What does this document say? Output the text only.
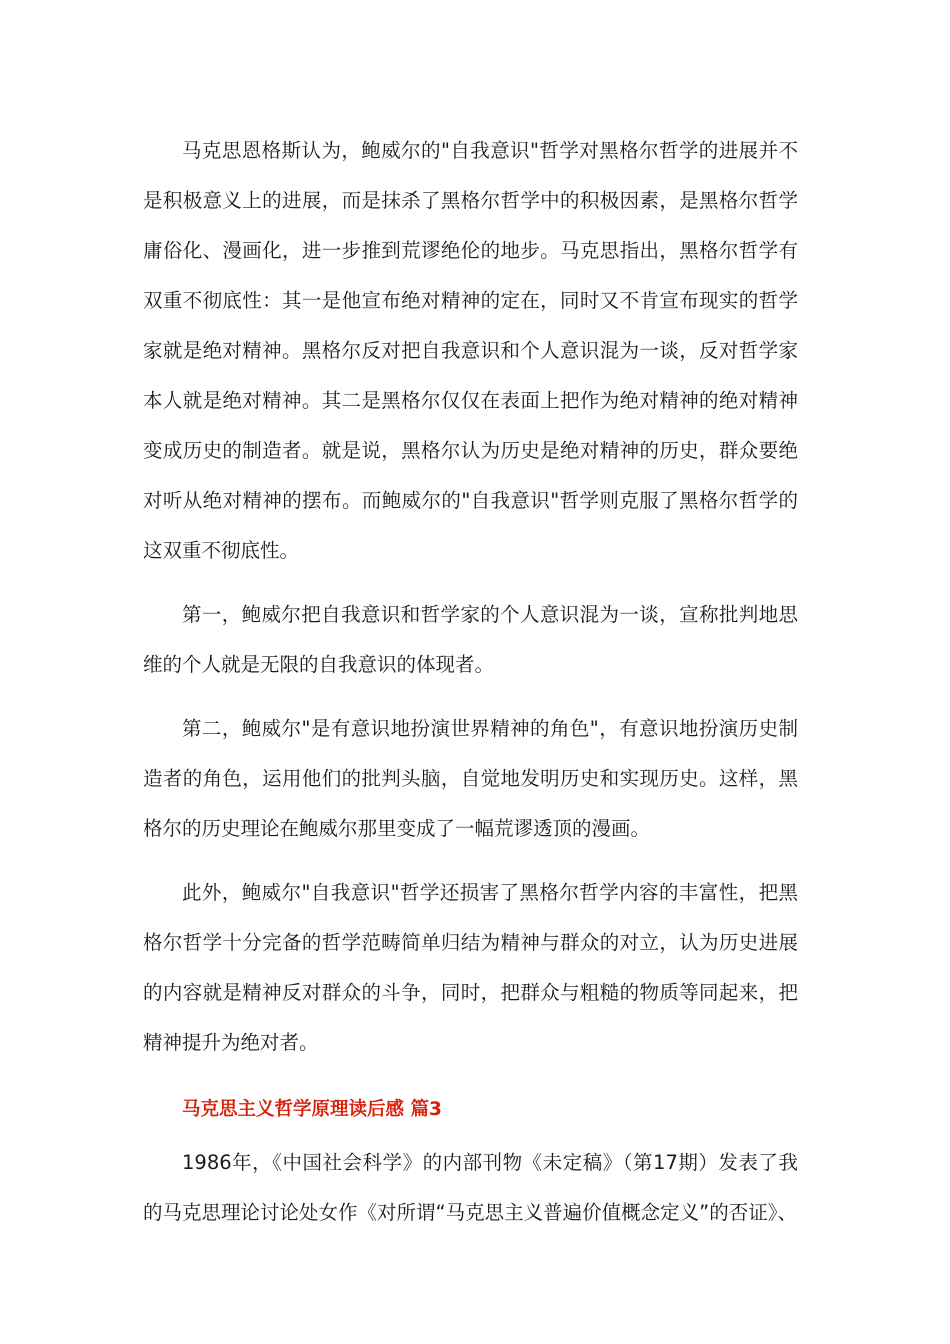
马克思恩格斯认为，鲍威尔的"自我意识"哲学对黑格尔哲学的进展并不是积极意义上的进展，而是抹杀了黑格尔哲学中的积极因素，是黑格尔哲学庸俗化、漫画化，进一步推到荒谬绝伦的地步。马克思指出，黑格尔哲学有双重不彻底性：其一是他宣布绝对精神的定在，同时又不肯宣布现实的哲学家就是绝对精神。黑格尔反对把自我意识和个人意识混为一谈，反对哲学家本人就是绝对精神。其二是黑格尔仅仅在表面上把作为绝对精神的绝对精神变成历史的制造者。就是说，黑格尔认为历史是绝对精神的历史，群众要绝对听从绝对精神的摆布。而鲍威尔的"自我意识"哲学则克服了黑格尔哲学的这双重不彻底性。

第一，鲍威尔把自我意识和哲学家的个人意识混为一谈，宣称批判地思维的个人就是无限的自我意识的体现者。

第二，鲍威尔"是有意识地扮演世界精神的角色"，有意识地扮演历史制造者的角色，运用他们的批判头脑，自觉地发明历史和实现历史。这样，黑格尔的历史理论在鲍威尔那里变成了一幅荒谬透顶的漫画。

此外，鲍威尔"自我意识"哲学还损害了黑格尔哲学内容的丰富性，把黑格尔哲学十分完备的哲学范畴简单归结为精神与群众的对立，认为历史进展的内容就是精神反对群众的斗争，同时，把群众与粗糙的物质等同起来，把精神提升为绝对者。

马克思主义哲学原理读后感 篇3

1986年，《中国社会科学》的内部刊物《未定稿》（第17期）发表了我的马克思理论讨论处女作《对所谓“马克思主义普遍价值概念定义”的否证》、
